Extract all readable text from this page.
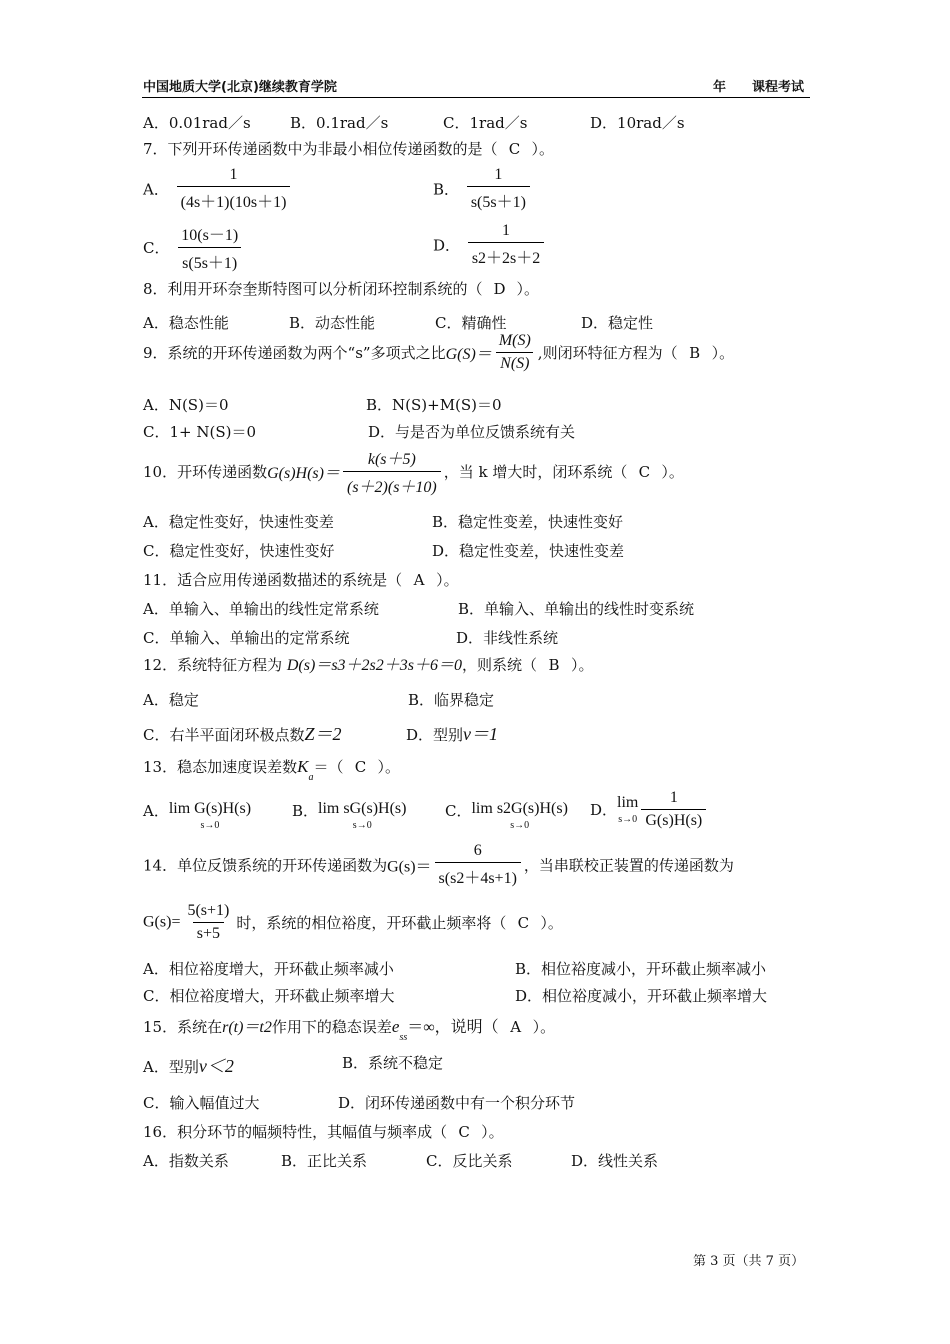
中国地质大学(北京)继续教育学院	年 课程考试
A．0.01rad／s	B．0.1rad／s	C．1rad／s	D．10rad／s
7．下列开环传递函数中为非最小相位传递函数的是（ C ）。
A． $\frac{1}{(4s+1)(10s+1)}$	B． $\frac{1}{s(5s+1)}$
C． $\frac{10(s-1)}{s(5s+1)}$	D． $\frac{1}{s2+2s+2}$
8．利用开环奈奎斯特图可以分析闭环控制系统的（ D ）。
A．稳态性能	B．动态性能	C．精确性	D．稳定性
9．系统的开环传递函数为两个“s”多项式之比$G(S)= \frac{M(S)}{N(S)}$ ,则闭环特征方程为（ B ）。
A．N(S)＝0	B．N(S)+M(S)＝0
C．1+ N(S)＝0	D．与是否为单位反馈系统有关
10．开环传递函数$G(s)H(s)= \frac{k(s+5)}{(s+2)(s+10)}$ ，当 k 增大时，闭环系统（ C ）。
A．稳定性变好，快速性变差	B．稳定性变差，快速性变好
C．稳定性变好，快速性变好	D．稳定性变差，快速性变差
11．适合应用传递函数描述的系统是（ A ）。
A．单输入、单输出的线性定常系统	B．单输入、单输出的线性时变系统
C．单输入、单输出的定常系统	D．非线性系统
12．系统特征方程为 D(s)＝s3＋2s2＋3s＋6＝0，则系统（ B ）。
A．稳定	B．临界稳定
C．右半平面闭环极点数Z＝2	D．型别v＝1
13．稳态加速度误差数$K_a=$（ C ）。
A． lim G(s)H(s)
s→0
B． lim sG(s)H(s)
s→0
C． lim s2G(s)H(s)
s→0
D． lim
$s\to 0 \frac{1}{G(s)H(s)}$
14．单位反馈系统的开环传递函数为$G(s)= \frac{6}{s(s2+4s+1)}$ ，当串联校正装置的传递函数为
$G(s)= \frac{5(s+1)}{s+5}$ 时，系统的相位裕度，开环截止频率将（ C ）。
A．相位裕度增大，开环截止频率减小	B．相位裕度减小，开环截止频率减小
C．相位裕度增大，开环截止频率增大	D．相位裕度减小，开环截止频率增大
15．系统在r(t)＝t2作用下的稳态误差$e_{ss}=\infty$，说明（ A ）。
A．型别v＜2	B．系统不稳定
C．输入幅值过大	D．闭环传递函数中有一个积分环节
16．积分环节的幅频特性，其幅值与频率成（ C ）。
A．指数关系	B．正比关系	C．反比关系	D．线性关系
第 3 页（共 7 页）
